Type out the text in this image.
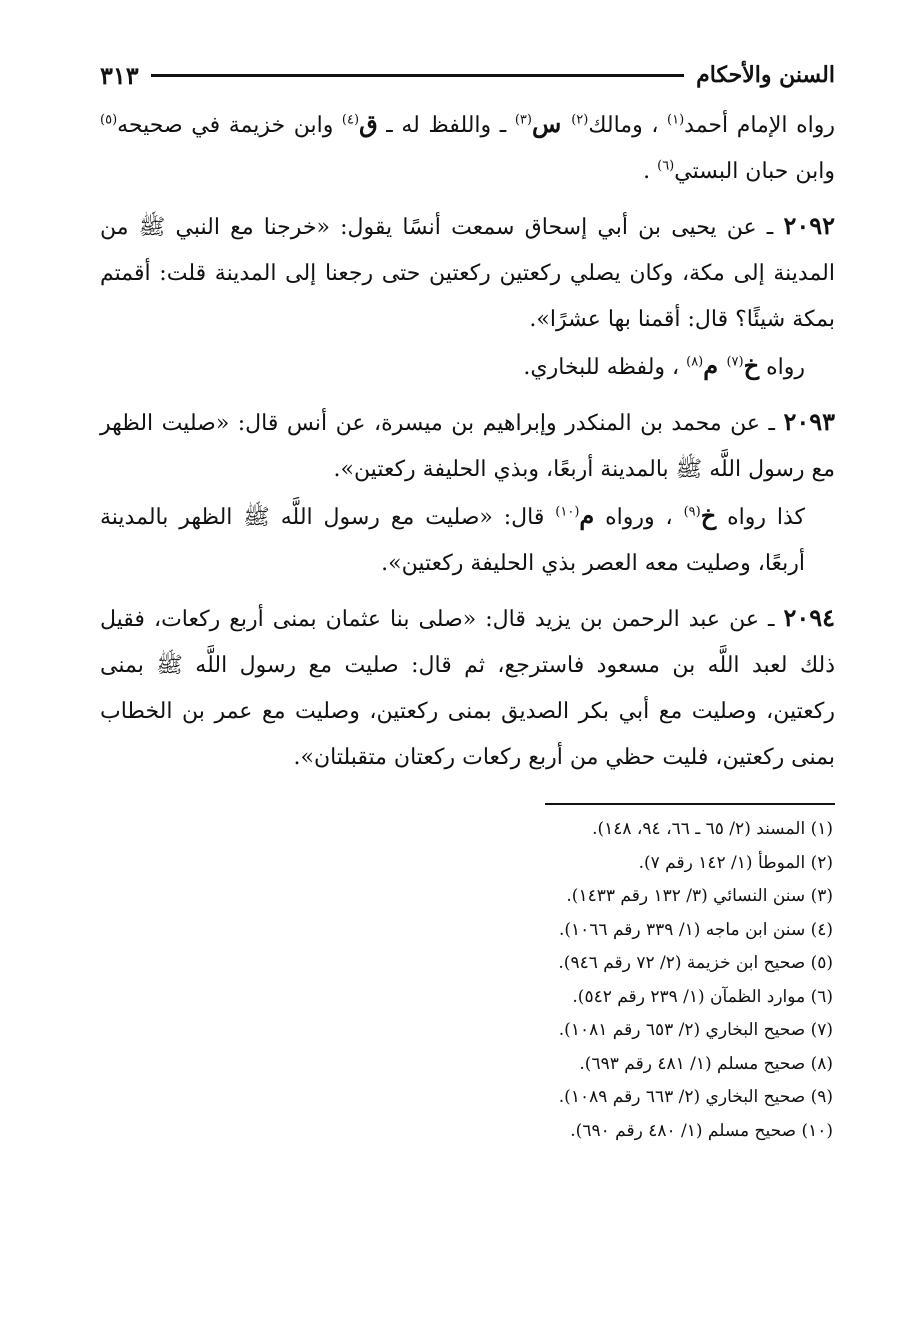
السنن والأحكام
٣١٣

رواه الإمام أحمد$^{(١)}$ ، ومالك$^{(٢)}$ س$^{(٣)}$ ـ واللفظ له ـ ق$^{(٤)}$ وابن خزيمة في صحيحه$^{(٥)}$ وابن حبان البستي$^{(٦)}$ .

٢٠٩٢ ـ عن يحيى بن أبي إسحاق سمعت أنسًا يقول: «خرجنا مع النبي ﷺ من المدينة إلى مكة، وكان يصلي ركعتين ركعتين حتى رجعنا إلى المدينة قلت: أقمتم بمكة شيئًا؟ قال: أقمنا بها عشرًا».

رواه خ$^{(٧)}$ م$^{(٨)}$ ، ولفظه للبخاري.

٢٠٩٣ ـ عن محمد بن المنكدر وإبراهيم بن ميسرة، عن أنس قال: «صليت الظهر مع رسول اللَّه ﷺ بالمدينة أربعًا، وبذي الحليفة ركعتين».

كذا رواه خ$^{(٩)}$ ، ورواه م$^{(١٠)}$ قال: «صليت مع رسول اللَّه ﷺ الظهر بالمدينة أربعًا، وصليت معه العصر بذي الحليفة ركعتين».

٢٠٩٤ ـ عن عبد الرحمن بن يزيد قال: «صلى بنا عثمان بمنى أربع ركعات، فقيل ذلك لعبد اللَّه بن مسعود فاسترجع، ثم قال: صليت مع رسول اللَّه ﷺ بمنى ركعتين، وصليت مع أبي بكر الصديق بمنى ركعتين، وصليت مع عمر بن الخطاب بمنى ركعتين، فليت حظي من أربع ركعات ركعتان متقبلتان».

(١) المسند (٢/ ٦٥ ـ ٦٦، ٩٤، ١٤٨).

(٢) الموطأ (١/ ١٤٢ رقم ٧).

(٣) سنن النسائي (٣/ ١٣٢ رقم ١٤٣٣).

(٤) سنن ابن ماجه (١/ ٣٣٩ رقم ١٠٦٦).

(٥) صحيح ابن خزيمة (٢/ ٧٢ رقم ٩٤٦).

(٦) موارد الظمآن (١/ ٢٣٩ رقم ٥٤٢).

(٧) صحيح البخاري (٢/ ٦٥٣ رقم ١٠٨١).

(٨) صحيح مسلم (١/ ٤٨١ رقم ٦٩٣).

(٩) صحيح البخاري (٢/ ٦٦٣ رقم ١٠٨٩).

(١٠) صحيح مسلم (١/ ٤٨٠ رقم ٦٩٠).
